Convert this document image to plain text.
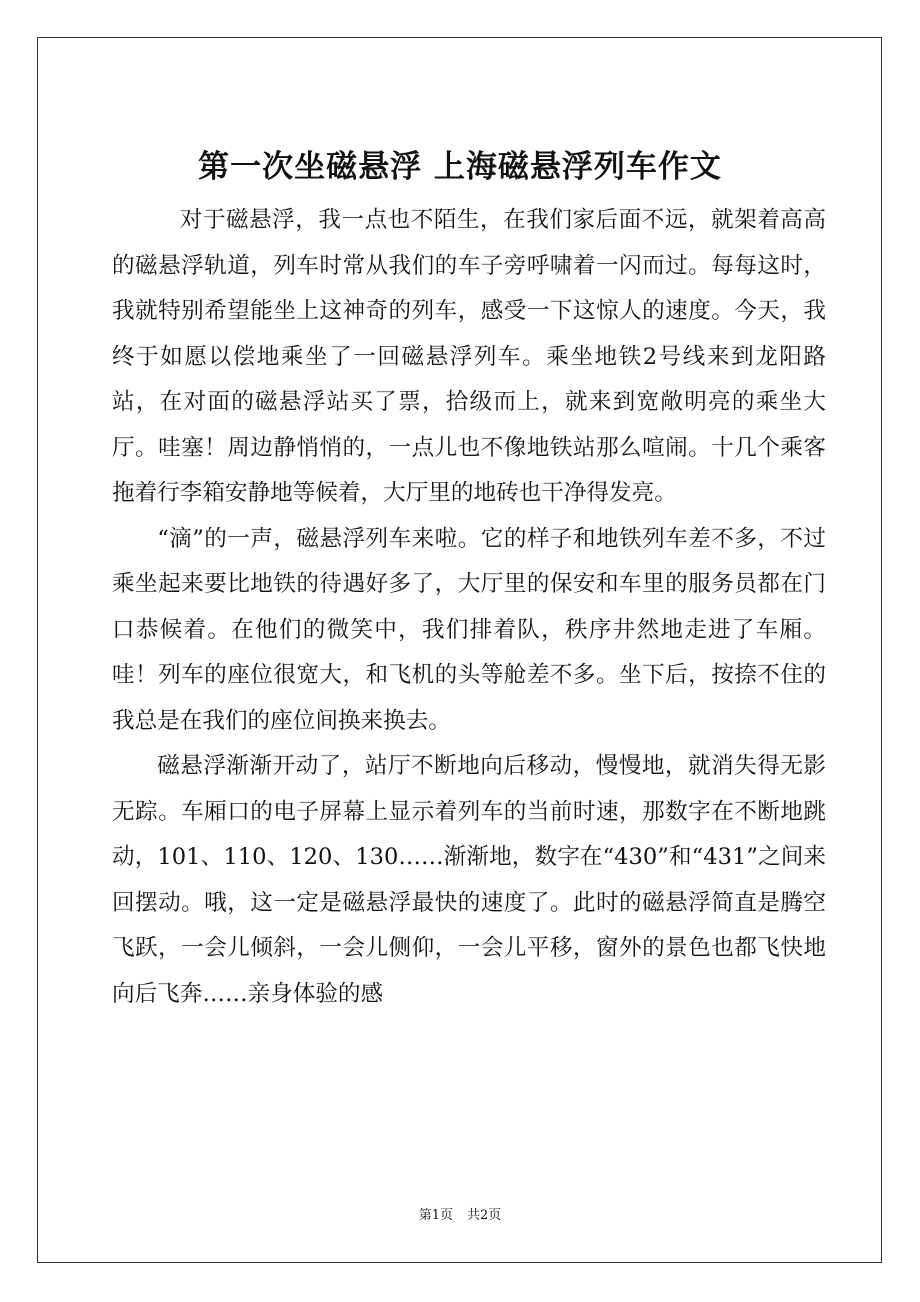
第一次坐磁悬浮 上海磁悬浮列车作文

对于磁悬浮，我一点也不陌生，在我们家后面不远，就架着高高的磁悬浮轨道，列车时常从我们的车子旁呼啸着一闪而过。每每这时，我就特别希望能坐上这神奇的列车，感受一下这惊人的速度。今天，我终于如愿以偿地乘坐了一回磁悬浮列车。乘坐地铁2号线来到龙阳路站，在对面的磁悬浮站买了票，拾级而上，就来到宽敞明亮的乘坐大厅。哇塞！周边静悄悄的，一点儿也不像地铁站那么喧闹。十几个乘客拖着行李箱安静地等候着，大厅里的地砖也干净得发亮。

“滴”的一声，磁悬浮列车来啦。它的样子和地铁列车差不多，不过乘坐起来要比地铁的待遇好多了，大厅里的保安和车里的服务员都在门口恭候着。在他们的微笑中，我们排着队，秩序井然地走进了车厢。哇！列车的座位很宽大，和飞机的头等舱差不多。坐下后，按捺不住的我总是在我们的座位间换来换去。

磁悬浮渐渐开动了，站厅不断地向后移动，慢慢地，就消失得无影无踪。车厢口的电子屏幕上显示着列车的当前时速，那数字在不断地跳动，101、110、120、130……渐渐地，数字在“430”和“431”之间来回摆动。哦，这一定是磁悬浮最快的速度了。此时的磁悬浮简直是腾空飞跃，一会儿倾斜，一会儿侧仰，一会儿平移，窗外的景色也都飞快地向后飞奔……亲身体验的感

第1页 共2页
